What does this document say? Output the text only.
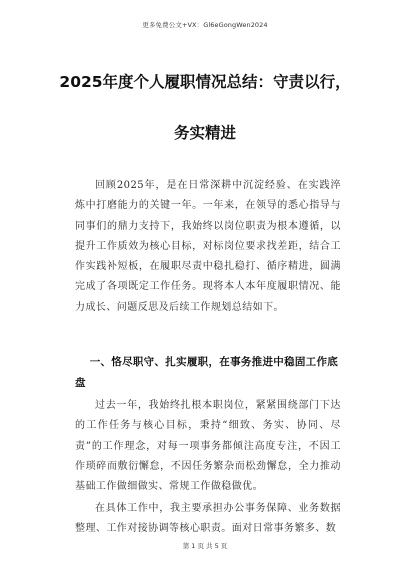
更多免费公文+VX：Gl6eGongWen2024
2025年度个人履职情况总结：守责以行，
务实精进

回顾2025年，是在日常深耕中沉淀经验、在实践淬炼中打磨能力的关键一年。一年来，在领导的悉心指导与同事们的鼎力支持下，我始终以岗位职责为根本遵循，以提升工作质效为核心目标，对标岗位要求找差距，结合工作实践补短板，在履职尽责中稳扎稳打、循序精进，圆满完成了各项既定工作任务。现将本人本年度履职情况、能力成长、问题反思及后续工作规划总结如下。

一、恪尽职守、扎实履职，在事务推进中稳固工作底盘

过去一年，我始终扎根本职岗位，紧紧围绕部门下达的工作任务与核心目标，秉持“细致、务实、协同、尽责”的工作理念，对每一项事务都倾注高度专注，不因工作琐碎而敷衍懈怠，不因任务繁杂而松劲懈怠，全力推动基础工作做细做实、常规工作做稳做优。

在具体工作中，我主要承担办公事务保障、业务数据整理、工作对接协调等核心职责。面对日常事务繁多、数

第 1 页 共 5 页
